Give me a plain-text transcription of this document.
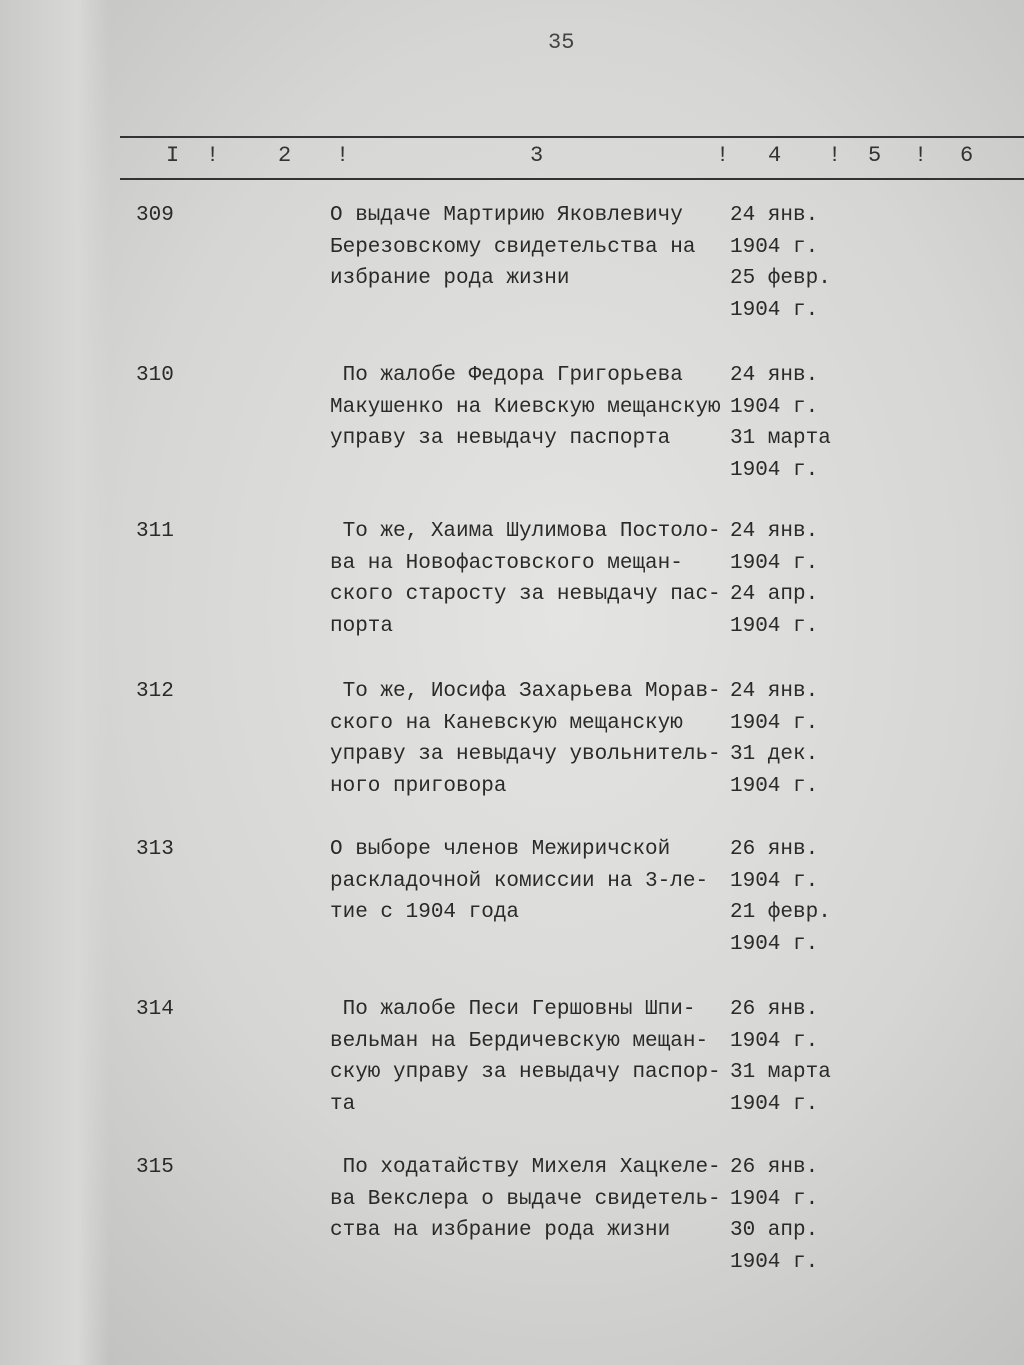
35
I !	2 !	3	! 4 ! 5 ! 6
309	О выдаче Мартирию Яковлевичу
Березовскому свидетельства на
избрание рода жизни
24 янв.
1904 г.
25 февр.
1904 г.
310	По жалобе Федора Григорьева
Макушенко на Киевскую мещанскую
управу за невыдачу паспорта
24 янв.
1904 г.
31 марта
1904 г.
311	То же, Хаима Шулимова Постоло-
ва на Новофастовского мещан-
ского старосту за невыдачу пас-
порта
24 янв.
1904 г.
24 апр.
1904 г.
312	То же, Иосифа Захарьева Морав-
ского на Каневскую мещанскую
управу за невыдачу увольнитель-
ного приговора
24 янв.
1904 г.
31 дек.
1904 г.
313	О выборе членов Межиричской
раскладочной комиссии на 3-ле-
тие с 1904 года
26 янв.
1904 г.
21 февр.
1904 г.
314	По жалобе Песи Гершовны Шпи-
вельман на Бердичевскую мещан-
скую управу за невыдачу паспор-
та
26 янв.
1904 г.
31 марта
1904 г.
315	По ходатайству Михеля Хацкеле-
ва Векслера о выдаче свидетель-
ства на избрание рода жизни
26 янв.
1904 г.
30 апр.
1904 г.
